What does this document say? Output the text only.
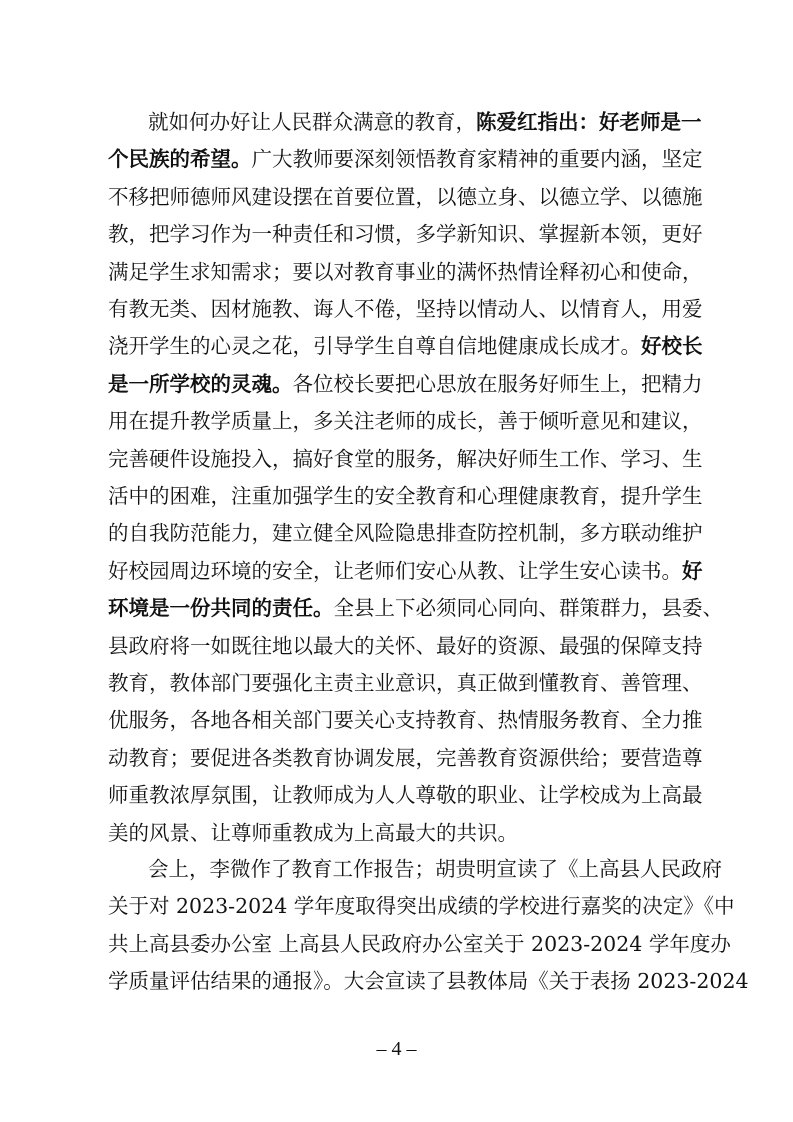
就如何办好让人民群众满意的教育，陈爱红指出：好老师是一
个民族的希望。广大教师要深刻领悟教育家精神的重要内涵，坚定
不移把师德师风建设摆在首要位置，以德立身、以德立学、以德施
教，把学习作为一种责任和习惯，多学新知识、掌握新本领，更好
满足学生求知需求；要以对教育事业的满怀热情诠释初心和使命，
有教无类、因材施教、诲人不倦，坚持以情动人、以情育人，用爱
浇开学生的心灵之花，引导学生自尊自信地健康成长成才。好校长
是一所学校的灵魂。各位校长要把心思放在服务好师生上，把精力
用在提升教学质量上，多关注老师的成长，善于倾听意见和建议，
完善硬件设施投入，搞好食堂的服务，解决好师生工作、学习、生
活中的困难，注重加强学生的安全教育和心理健康教育，提升学生
的自我防范能力，建立健全风险隐患排查防控机制，多方联动维护
好校园周边环境的安全，让老师们安心从教、让学生安心读书。好
环境是一份共同的责任。全县上下必须同心同向、群策群力，县委、
县政府将一如既往地以最大的关怀、最好的资源、最强的保障支持
教育，教体部门要强化主责主业意识，真正做到懂教育、善管理、
优服务，各地各相关部门要关心支持教育、热情服务教育、全力推
动教育；要促进各类教育协调发展，完善教育资源供给；要营造尊
师重教浓厚氛围，让教师成为人人尊敬的职业、让学校成为上高最
美的风景、让尊师重教成为上高最大的共识。
会上，李微作了教育工作报告；胡贵明宣读了《上高县人民政府
关于对 2023-2024 学年度取得突出成绩的学校进行嘉奖的决定》《中
共上高县委办公室 上高县人民政府办公室关于 2023-2024 学年度办
学质量评估结果的通报》。大会宣读了县教体局《关于表扬 2023-2024
– 4 –
